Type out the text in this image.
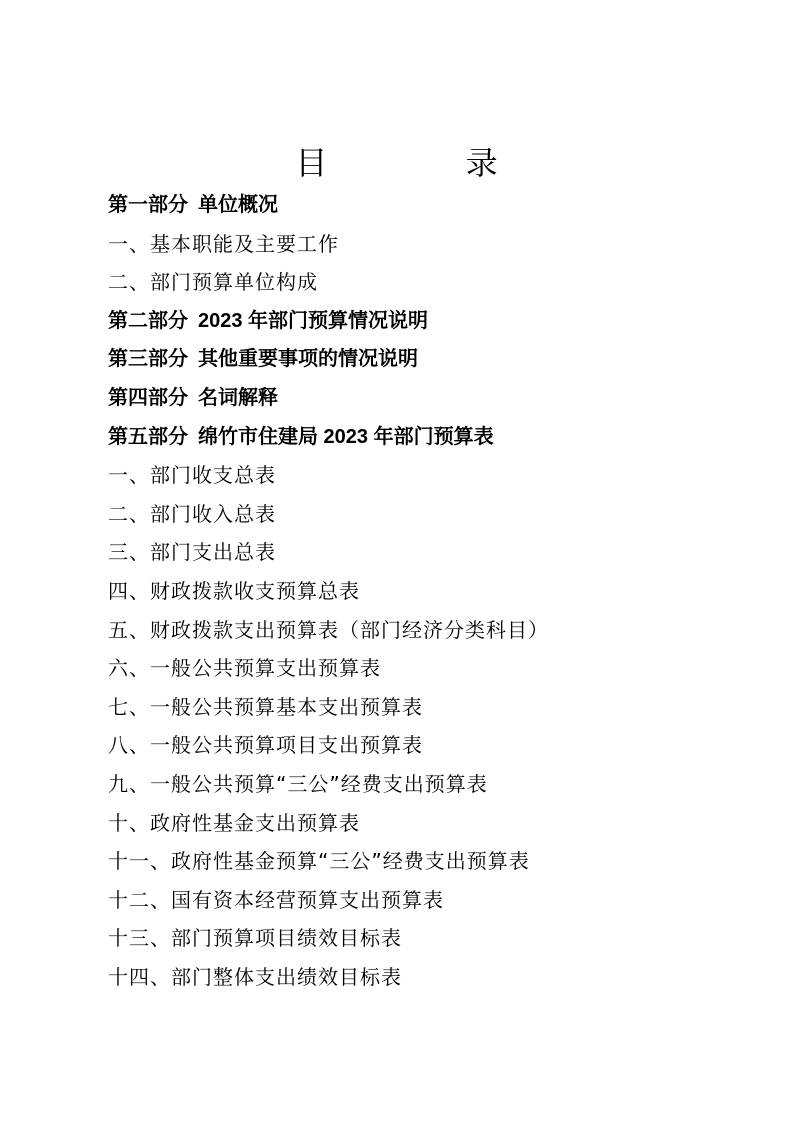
目 录
第一部分 单位概况
一、基本职能及主要工作
二、部门预算单位构成
第二部分 2023 年部门预算情况说明
第三部分 其他重要事项的情况说明
第四部分 名词解释
第五部分 绵竹市住建局 2023 年部门预算表
一、部门收支总表
二、部门收入总表
三、部门支出总表
四、财政拨款收支预算总表
五、财政拨款支出预算表（部门经济分类科目）
六、一般公共预算支出预算表
七、一般公共预算基本支出预算表
八、一般公共预算项目支出预算表
九、一般公共预算“三公”经费支出预算表
十、政府性基金支出预算表
十一、政府性基金预算“三公”经费支出预算表
十二、国有资本经营预算支出预算表
十三、部门预算项目绩效目标表
十四、部门整体支出绩效目标表
